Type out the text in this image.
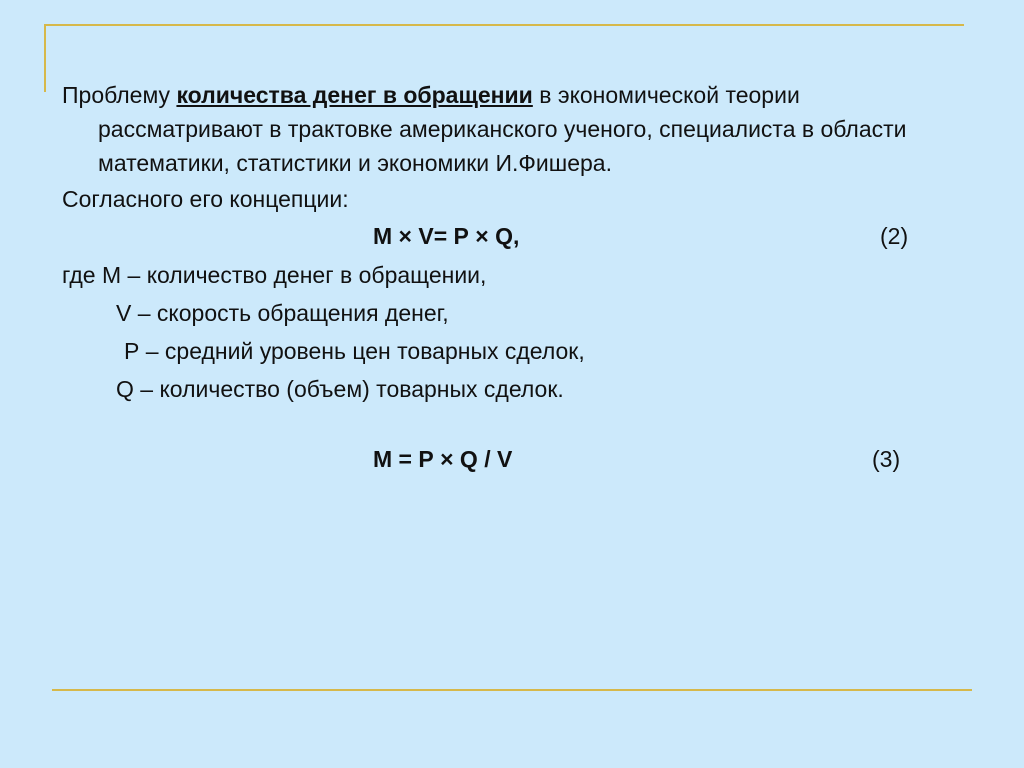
Проблему количества денег в обращении в экономической теории рассматривают в трактовке американского ученого, специалиста в области математики, статистики и экономики И.Фишера.

Согласного его концепции:

М × V= Р × Q,	(2)

где М – количество денег в обращении,

V – скорость обращения денег,

Р – средний уровень цен товарных сделок,

Q – количество (объем) товарных сделок.

М = Р × Q / V	(3)
